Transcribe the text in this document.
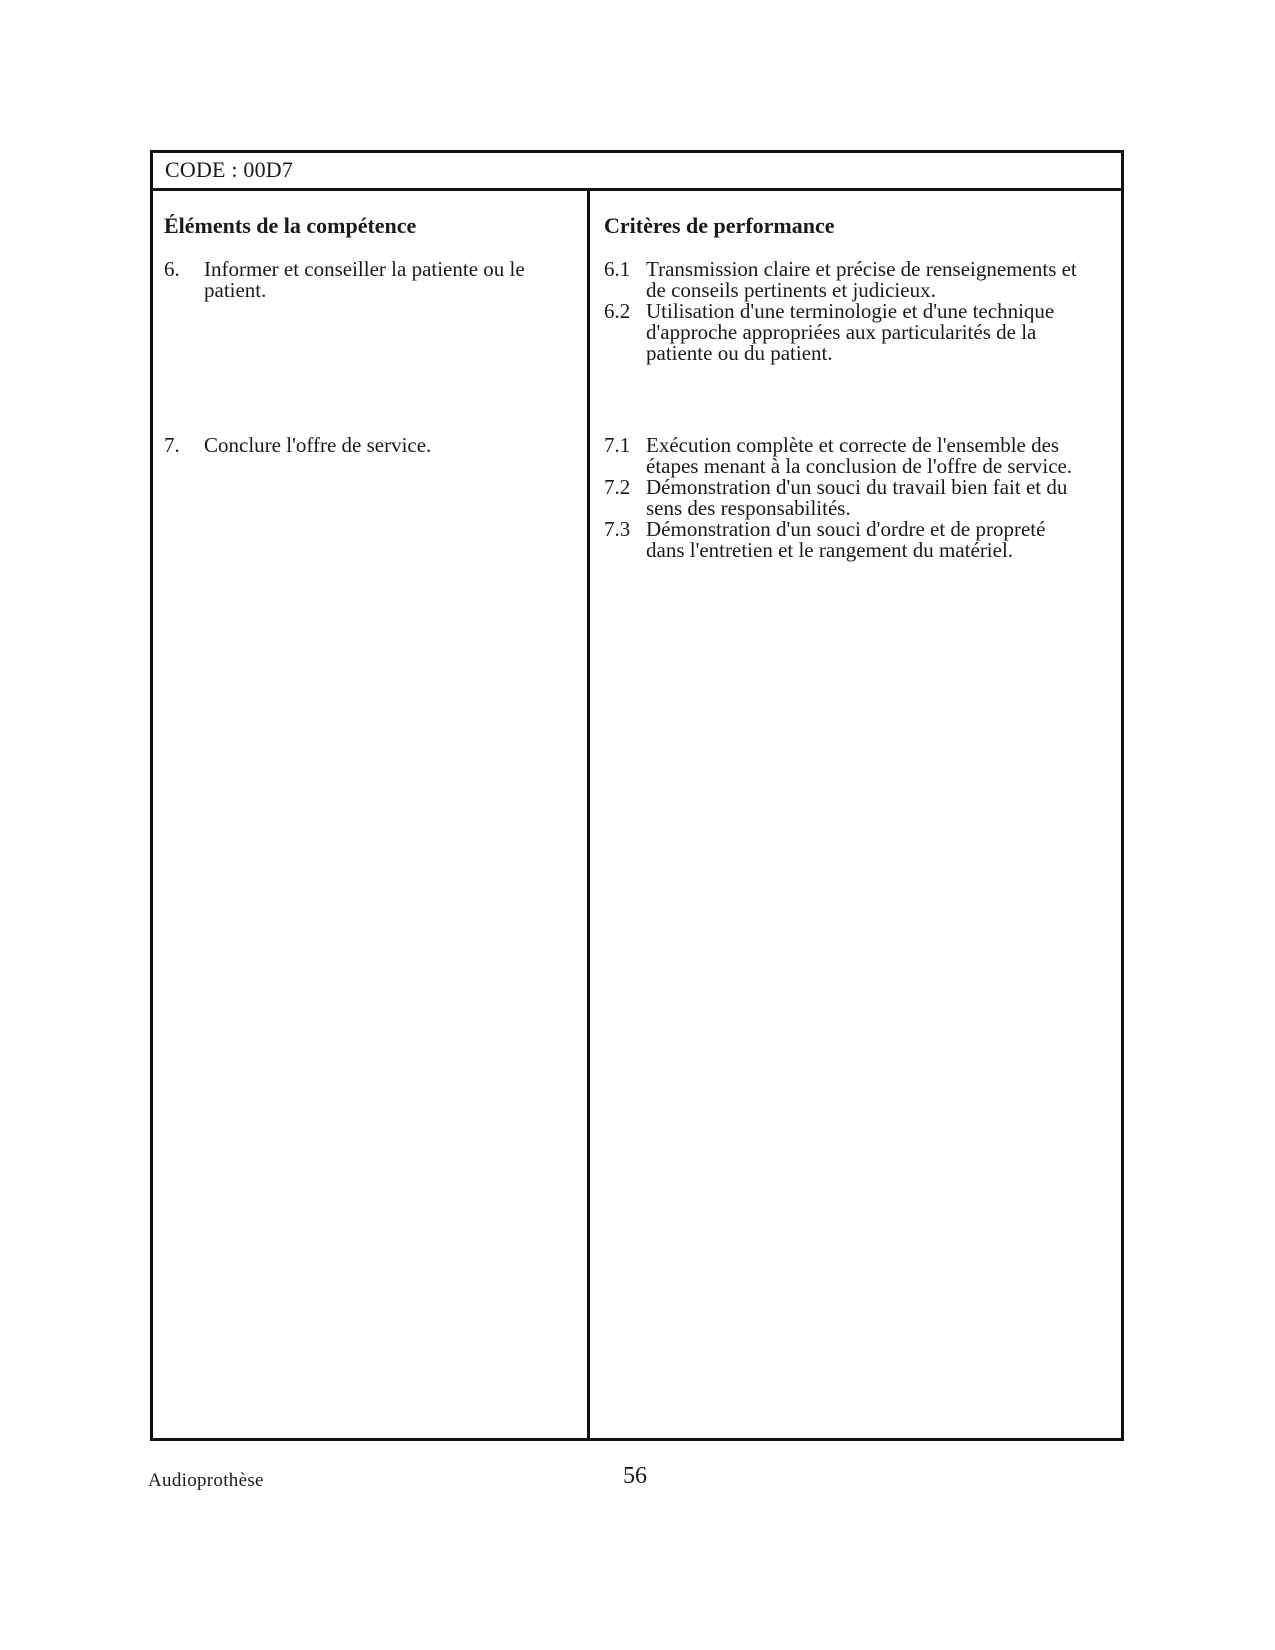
CODE : 00D7
Éléments de la compétence
6. Informer et conseiller la patiente ou le patient.
7. Conclure l'offre de service.
Critères de performance
6.1 Transmission claire et précise de renseignements et de conseils pertinents et judicieux.
6.2 Utilisation d'une terminologie et d'une technique d'approche appropriées aux particularités de la patiente ou du patient.
7.1 Exécution complète et correcte de l'ensemble des étapes menant à la conclusion de l'offre de service.
7.2 Démonstration d'un souci du travail bien fait et du sens des responsabilités.
7.3 Démonstration d'un souci d'ordre et de propreté dans l'entretien et le rangement du matériel.
Audioprothèse	56
